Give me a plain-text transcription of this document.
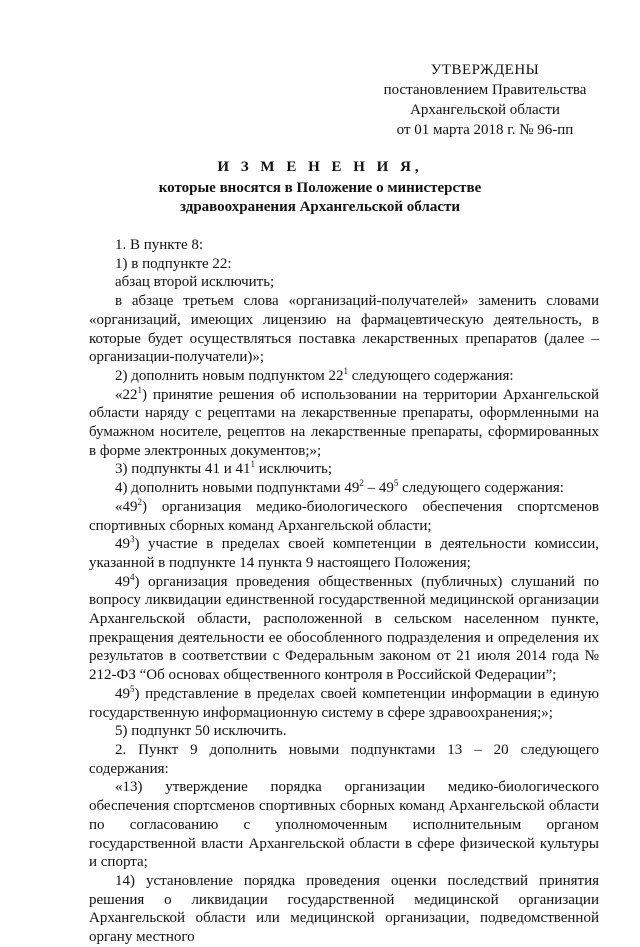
УТВЕРЖДЕНЫ
постановлением Правительства
Архангельской области
от 01 марта 2018 г. № 96-пп
И З М Е Н Е Н И Я,
которые вносятся в Положение о министерстве
здравоохранения Архангельской области

1. В пункте 8:

1) в подпункте 22:

абзац второй исключить;

в абзаце третьем слова «организаций-получателей» заменить словами «организаций, имеющих лицензию на фармацевтическую деятельность, в которые будет осуществляться поставка лекарственных препаратов (далее – организации-получатели)»;

2) дополнить новым подпунктом $22^1$ следующего содержания:

«$22^1$) принятие решения об использовании на территории Архангельской области наряду с рецептами на лекарственные препараты, оформленными на бумажном носителе, рецептов на лекарственные препараты, сформированных в форме электронных документов;»;

3) подпункты 41 и $41^1$ исключить;

4) дополнить новыми подпунктами $49^2 - 49^5$ следующего содержания:

«$49^2$) организация медико-биологического обеспечения спортсменов спортивных сборных команд Архангельской области;

$49^3$) участие в пределах своей компетенции в деятельности комиссии, указанной в подпункте 14 пункта 9 настоящего Положения;

$49^4$) организация проведения общественных (публичных) слушаний по вопросу ликвидации единственной государственной медицинской организации Архангельской области, расположенной в сельском населенном пункте, прекращения деятельности ее обособленного подразделения и определения их результатов в соответствии с Федеральным законом от 21 июля 2014 года № 212-ФЗ “Об основах общественного контроля в Российской Федерации”;

$49^5$) представление в пределах своей компетенции информации в единую государственную информационную систему в сфере здравоохранения;»;

5) подпункт 50 исключить.

2. Пункт 9 дополнить новыми подпунктами 13 – 20 следующего содержания:

«13) утверждение порядка организации медико-биологического обеспечения спортсменов спортивных сборных команд Архангельской области по согласованию с уполномоченным исполнительным органом государственной власти Архангельской области в сфере физической культуры и спорта;

14) установление порядка проведения оценки последствий принятия решения о ликвидации государственной медицинской организации Архангельской области или медицинской организации, подведомственной органу местного
